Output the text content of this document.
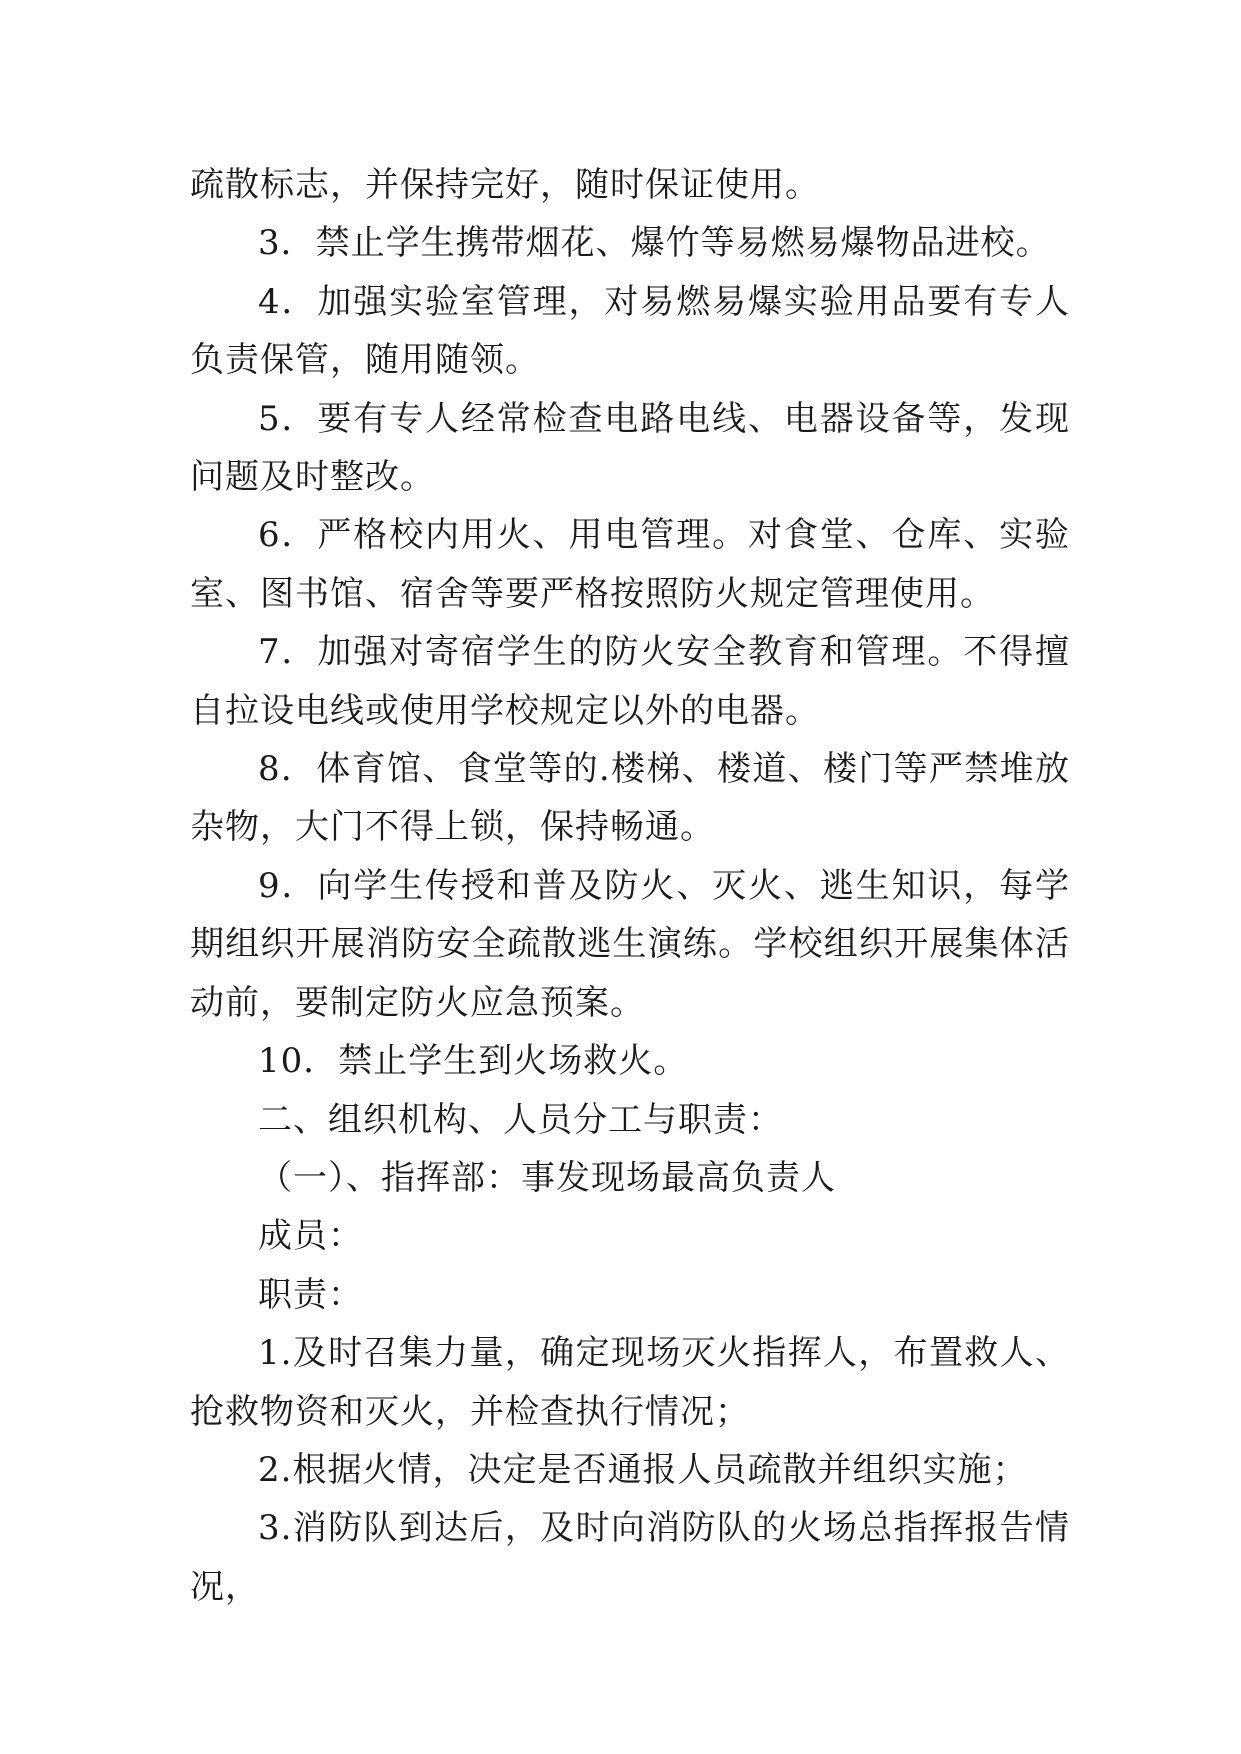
疏散标志，并保持完好，随时保证使用。

3．禁止学生携带烟花、爆竹等易燃易爆物品进校。

4．加强实验室管理，对易燃易爆实验用品要有专人负责保管，随用随领。

5．要有专人经常检查电路电线、电器设备等，发现问题及时整改。

6．严格校内用火、用电管理。对食堂、仓库、实验室、图书馆、宿舍等要严格按照防火规定管理使用。

7．加强对寄宿学生的防火安全教育和管理。不得擅自拉设电线或使用学校规定以外的电器。

8．体育馆、食堂等的.楼梯、楼道、楼门等严禁堆放杂物，大门不得上锁，保持畅通。

9．向学生传授和普及防火、灭火、逃生知识，每学期组织开展消防安全疏散逃生演练。学校组织开展集体活动前，要制定防火应急预案。

10．禁止学生到火场救火。

二、组织机构、人员分工与职责：

（一）、指挥部：事发现场最高负责人

成员：

职责：

1.及时召集力量，确定现场灭火指挥人，布置救人、抢救物资和灭火，并检查执行情况；

2.根据火情，决定是否通报人员疏散并组织实施；

3.消防队到达后，及时向消防队的火场总指挥报告情况，
